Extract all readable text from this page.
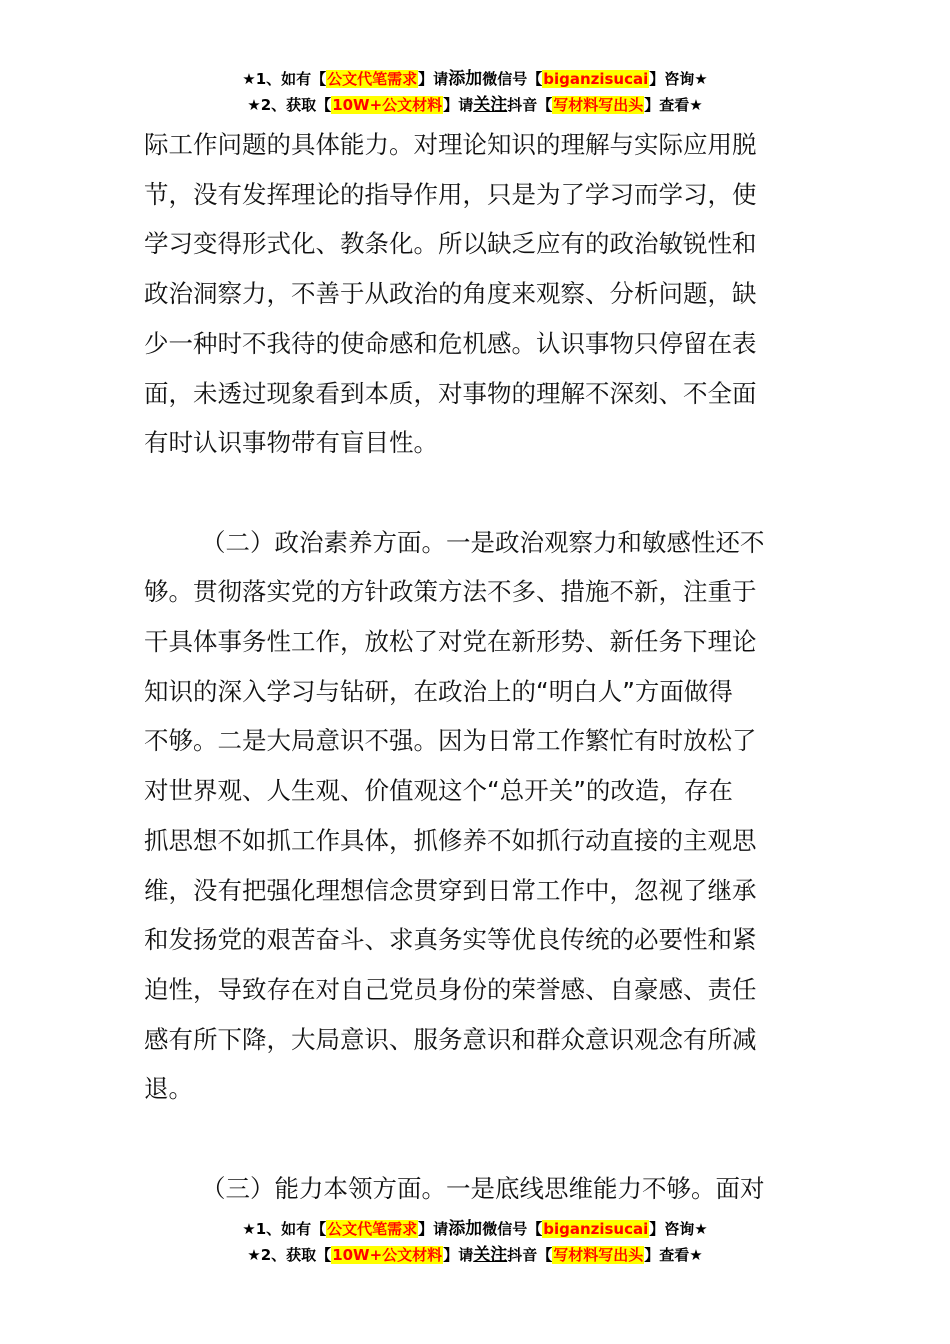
★1、如有【公文代笔需求】请添加微信号【biganzisucai】咨询★
★2、获取【10W+公文材料】请关注抖音【写材料写出头】查看★
际工作问题的具体能力。对理论知识的理解与实际应用脱
节，没有发挥理论的指导作用，只是为了学习而学习，使
学习变得形式化、教条化。所以缺乏应有的政治敏锐性和
政治洞察力，不善于从政治的角度来观察、分析问题，缺
少一种时不我待的使命感和危机感。认识事物只停留在表
面，未透过现象看到本质，对事物的理解不深刻、不全面
有时认识事物带有盲目性。
（二）政治素养方面。一是政治观察力和敏感性还不
够。贯彻落实党的方针政策方法不多、措施不新，注重于
干具体事务性工作，放松了对党在新形势、新任务下理论
知识的深入学习与钻研，在政治上的“明白人”方面做得
不够。二是大局意识不强。因为日常工作繁忙有时放松了
对世界观、人生观、价值观这个“总开关”的改造，存在
抓思想不如抓工作具体，抓修养不如抓行动直接的主观思
维，没有把强化理想信念贯穿到日常工作中，忽视了继承
和发扬党的艰苦奋斗、求真务实等优良传统的必要性和紧
迫性，导致存在对自己党员身份的荣誉感、自豪感、责任
感有所下降，大局意识、服务意识和群众意识观念有所减
退。
（三）能力本领方面。一是底线思维能力不够。面对
★1、如有【公文代笔需求】请添加微信号【biganzisucai】咨询★
★2、获取【10W+公文材料】请关注抖音【写材料写出头】查看★
